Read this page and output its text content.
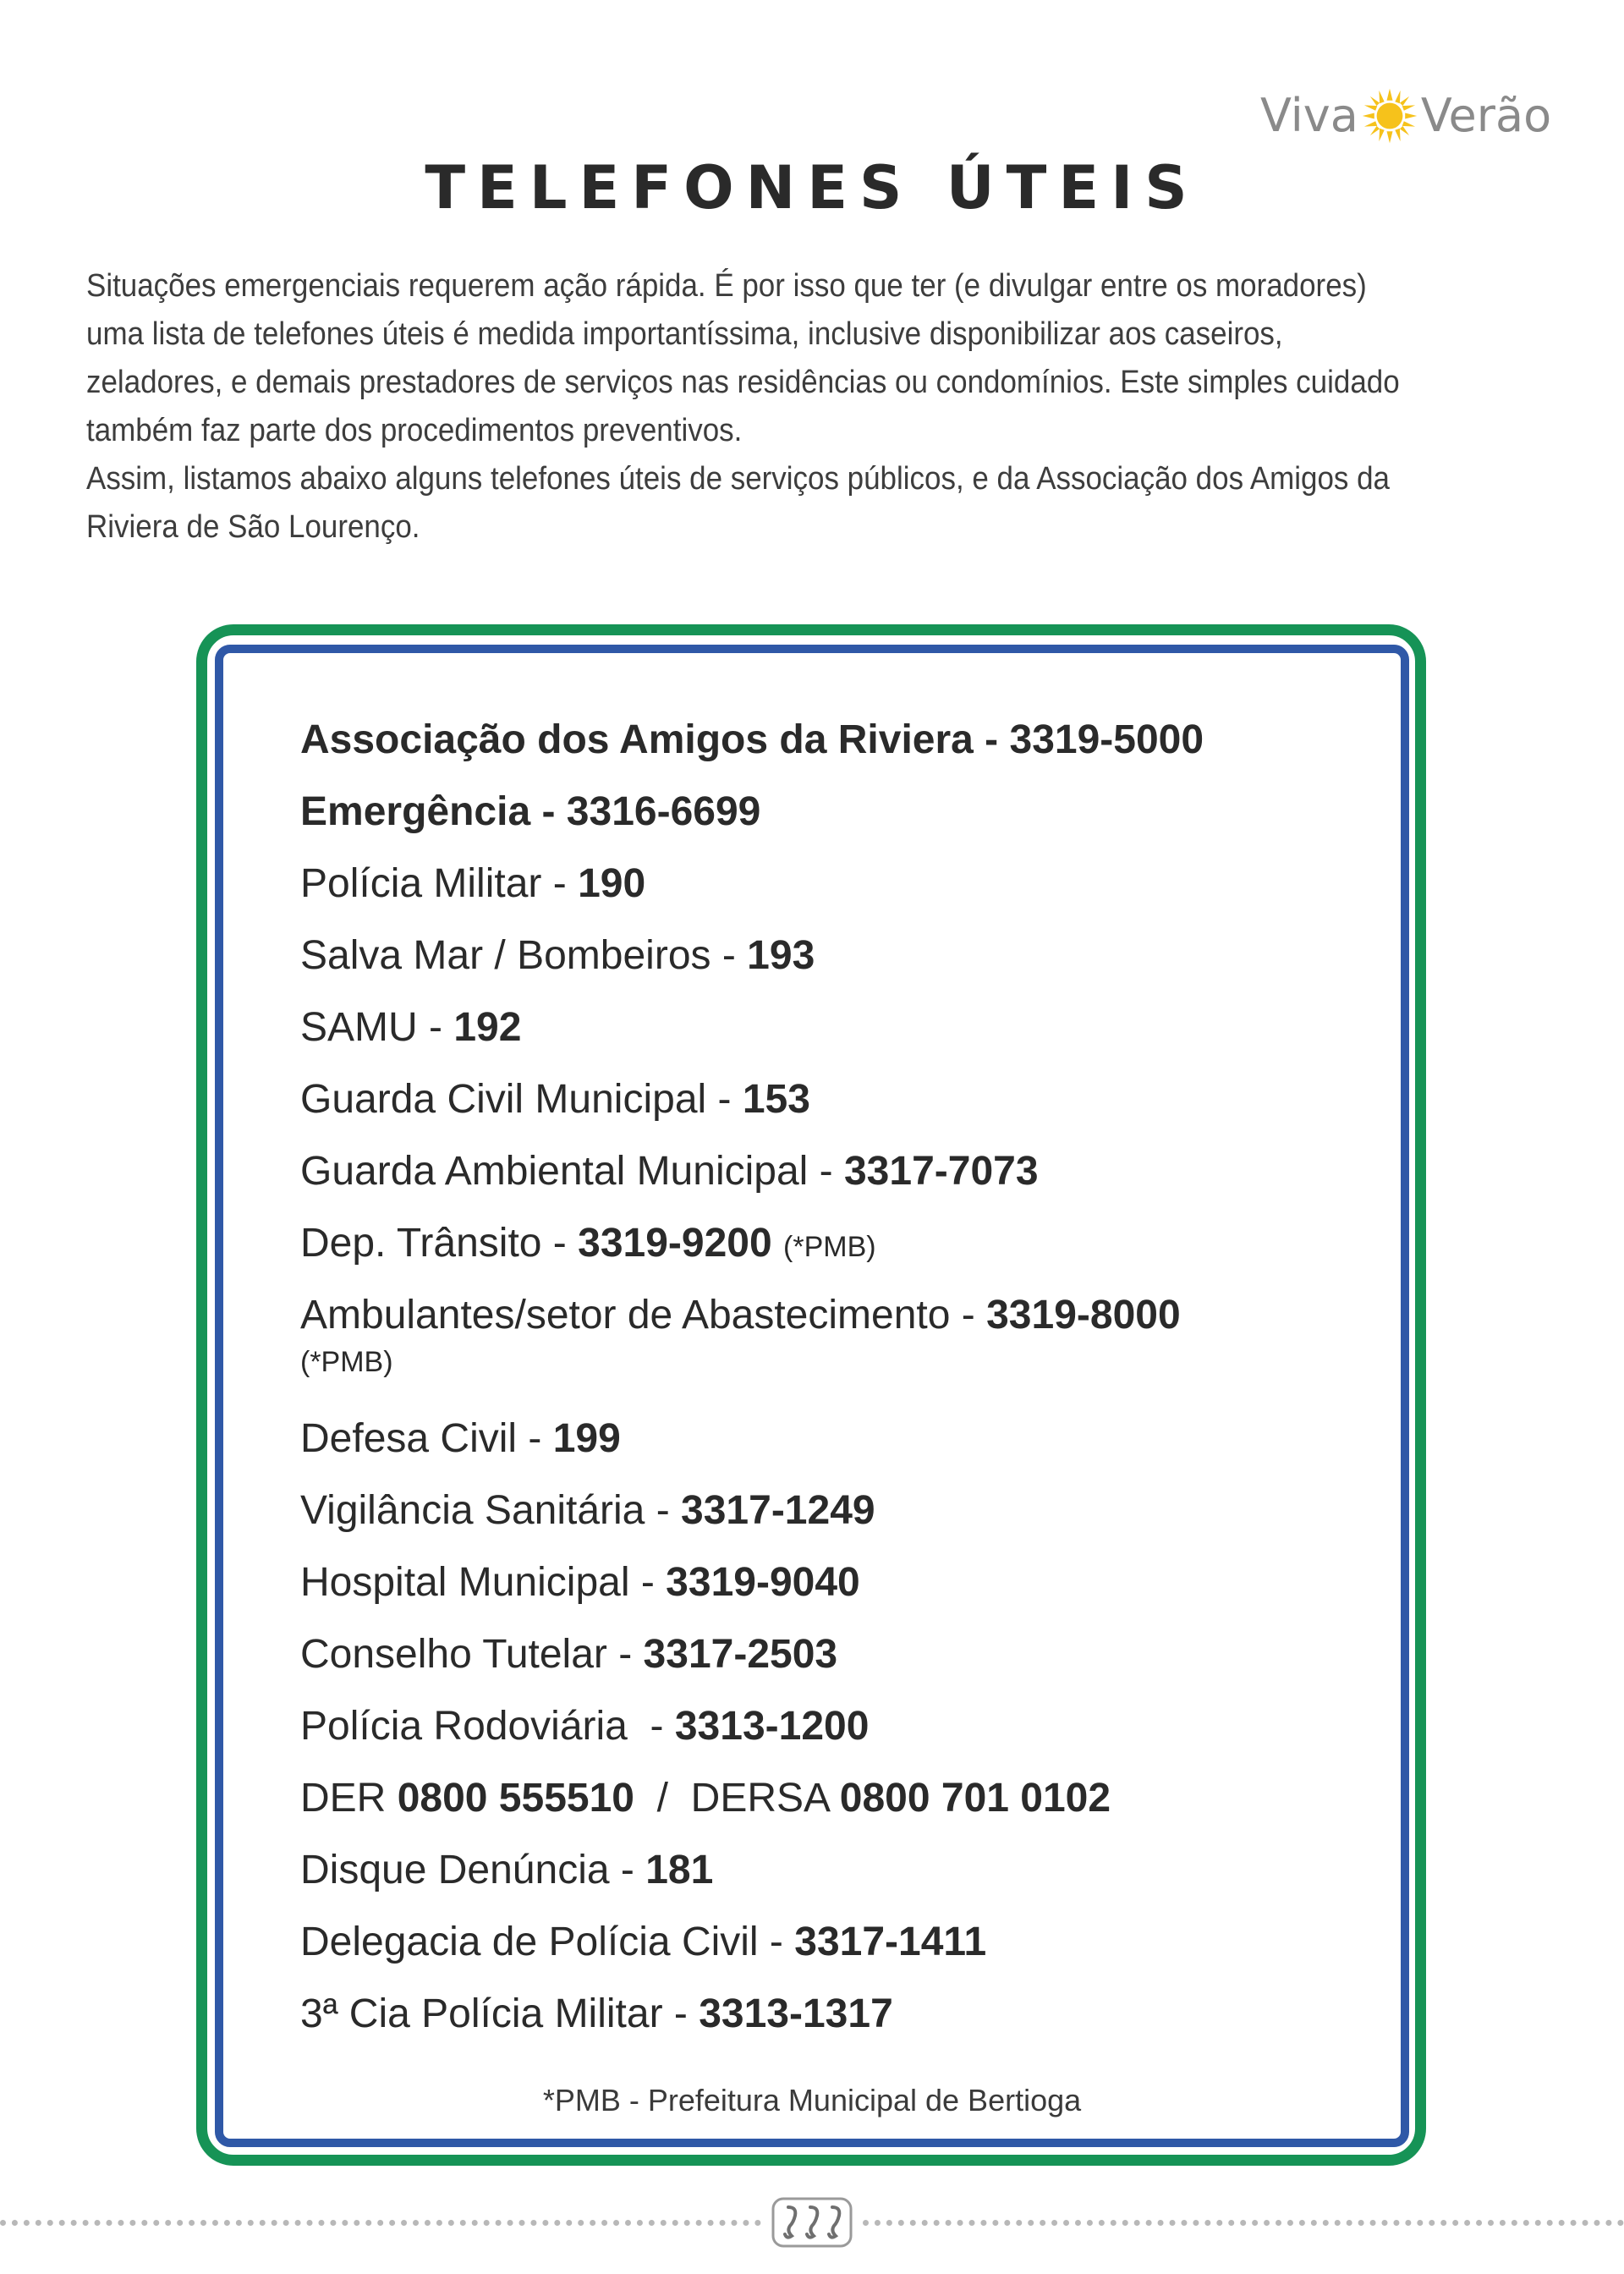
Viva Verão
TELEFONES ÚTEIS

Situações emergenciais requerem ação rápida. É por isso que ter (e divulgar entre os moradores) uma lista de telefones úteis é medida importantíssima, inclusive disponibilizar aos caseiros, zeladores, e demais prestadores de serviços nas residências ou condomínios. Este simples cuidado também faz parte dos procedimentos preventivos.

Assim, listamos abaixo alguns telefones úteis de serviços públicos, e da Associação dos Amigos da Riviera de São Lourenço.

Associação dos Amigos da Riviera - 3319-5000
Emergência - 3316-6699
Polícia Militar - 190
Salva Mar / Bombeiros - 193
SAMU - 192
Guarda Civil Municipal - 153
Guarda Ambiental Municipal - 3317-7073
Dep. Trânsito - 3319-9200 (*PMB)
Ambulantes/setor de Abastecimento - 3319-8000
(*PMB)
Defesa Civil - 199
Vigilância Sanitária - 3317-1249
Hospital Municipal - 3319-9040
Conselho Tutelar - 3317-2503
Polícia Rodoviária  - 3313-1200
DER 0800 555510  /  DERSA 0800 701 0102
Disque Denúncia - 181
Delegacia de Polícia Civil - 3317-1411
3ª Cia Polícia Militar - 3313-1317

*PMB - Prefeitura Municipal de Bertioga
